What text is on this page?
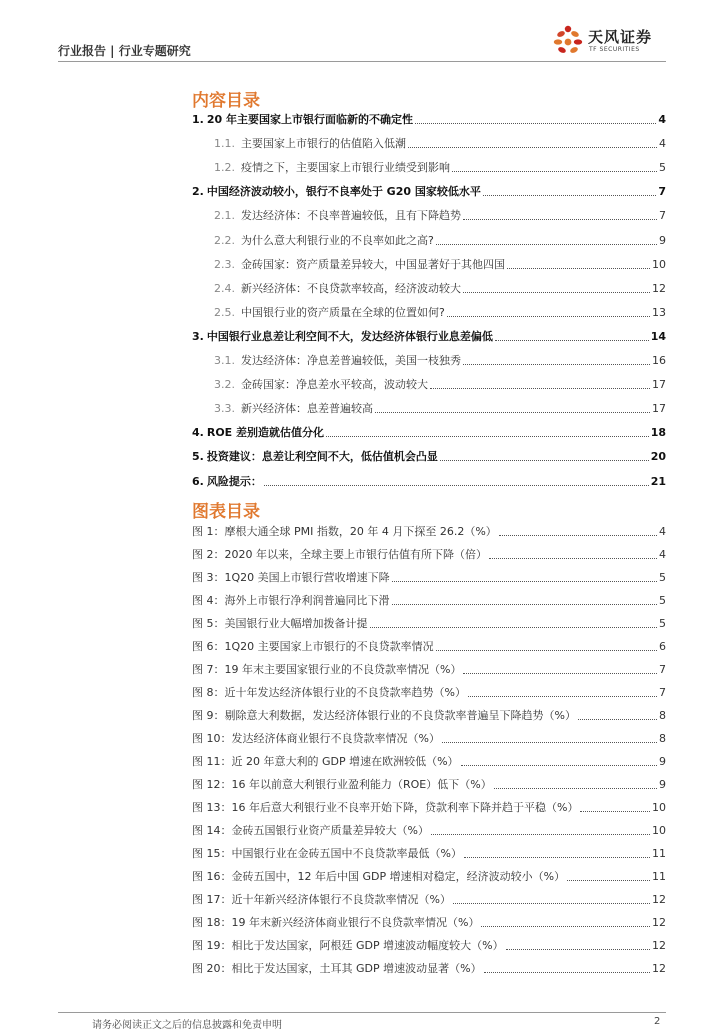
行业报告 | 行业专题研究
天风证券
TF SECURITIES
内容目录
1. 20 年主要国家上市银行面临新的不确定性	4
1.1. 主要国家上市银行的估值陷入低潮	4
1.2. 疫情之下，主要国家上市银行业绩受到影响	5
2. 中国经济波动较小，银行不良率处于 G20 国家较低水平	7
2.1. 发达经济体：不良率普遍较低，且有下降趋势	7
2.2. 为什么意大利银行业的不良率如此之高?	9
2.3. 金砖国家：资产质量差异较大，中国显著好于其他四国	10
2.4. 新兴经济体：不良贷款率较高，经济波动较大	12
2.5. 中国银行业的资产质量在全球的位置如何?	13
3. 中国银行业息差让利空间不大，发达经济体银行业息差偏低	14
3.1. 发达经济体：净息差普遍较低，美国一枝独秀	16
3.2. 金砖国家：净息差水平较高，波动较大	17
3.3. 新兴经济体：息差普遍较高	17
4. ROE 差别造就估值分化	18
5. 投资建议：息差让利空间不大，低估值机会凸显	20
6. 风险提示：	21
图表目录
图 1： 摩根大通全球 PMI 指数，20 年 4 月下探至 26.2（%）	4
图 2： 2020 年以来，全球主要上市银行估值有所下降（倍）	4
图 3： 1Q20 美国上市银行营收增速下降	5
图 4： 海外上市银行净利润普遍同比下滑	5
图 5： 美国银行业大幅增加拨备计提	5
图 6： 1Q20 主要国家上市银行的不良贷款率情况	6
图 7： 19 年末主要国家银行业的不良贷款率情况（%）	7
图 8： 近十年发达经济体银行业的不良贷款率趋势（%）	7
图 9： 剔除意大利数据，发达经济体银行业的不良贷款率普遍呈下降趋势（%）	8
图 10： 发达经济体商业银行不良贷款率情况（%）	8
图 11： 近 20 年意大利的 GDP 增速在欧洲较低（%）	9
图 12： 16 年以前意大利银行业盈利能力（ROE）低下（%）	9
图 13： 16 年后意大利银行业不良率开始下降，贷款利率下降并趋于平稳（%）	10
图 14： 金砖五国银行业资产质量差异较大（%）	10
图 15： 中国银行业在金砖五国中不良贷款率最低（%）	11
图 16： 金砖五国中，12 年后中国 GDP 增速相对稳定，经济波动较小（%）	11
图 17： 近十年新兴经济体银行不良贷款率情况（%）	12
图 18： 19 年末新兴经济体商业银行不良贷款率情况（%）	12
图 19： 相比于发达国家，阿根廷 GDP 增速波动幅度较大（%）	12
图 20： 相比于发达国家，土耳其 GDP 增速波动显著（%）	12
请务必阅读正文之后的信息披露和免责申明	2
